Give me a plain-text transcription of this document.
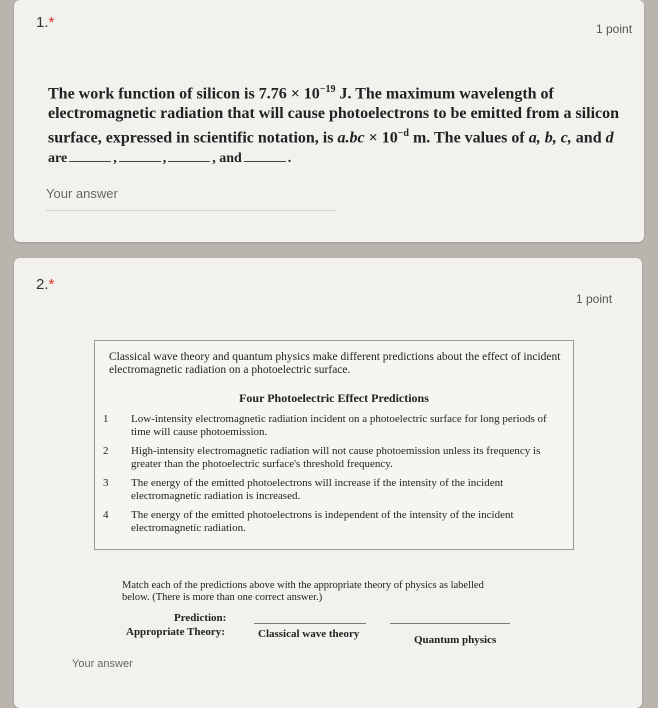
1.*	1 point
The work function of silicon is $7.76 \times 10^{-19}$ J. The maximum wavelength of
electromagnetic radiation that will cause photoelectrons to be emitted from a silicon
surface, expressed in scientific notation, is $a.bc \times 10^{-d}$ m. The values of a, b, c, and d
are	,	,	, and	.
Your answer
2.*
1 point
Classical wave theory and quantum physics make different predictions about the effect of incident electromagnetic radiation on a photoelectric surface.
Four Photoelectric Effect Predictions
1	Low-intensity electromagnetic radiation incident on a photoelectric surface for long periods of time will cause photoemission.
2	High-intensity electromagnetic radiation will not cause photoemission unless its frequency is greater than the photoelectric surface's threshold frequency.
3	The energy of the emitted photoelectrons will increase if the intensity of the incident electromagnetic radiation is increased.
4	The energy of the emitted photoelectrons is independent of the intensity of the incident electromagnetic radiation.
Match each of the predictions above with the appropriate theory of physics as labelled below. (There is more than one correct answer.)
Prediction:
Appropriate Theory:	Classical wave theory	Quantum physics
Your answer
